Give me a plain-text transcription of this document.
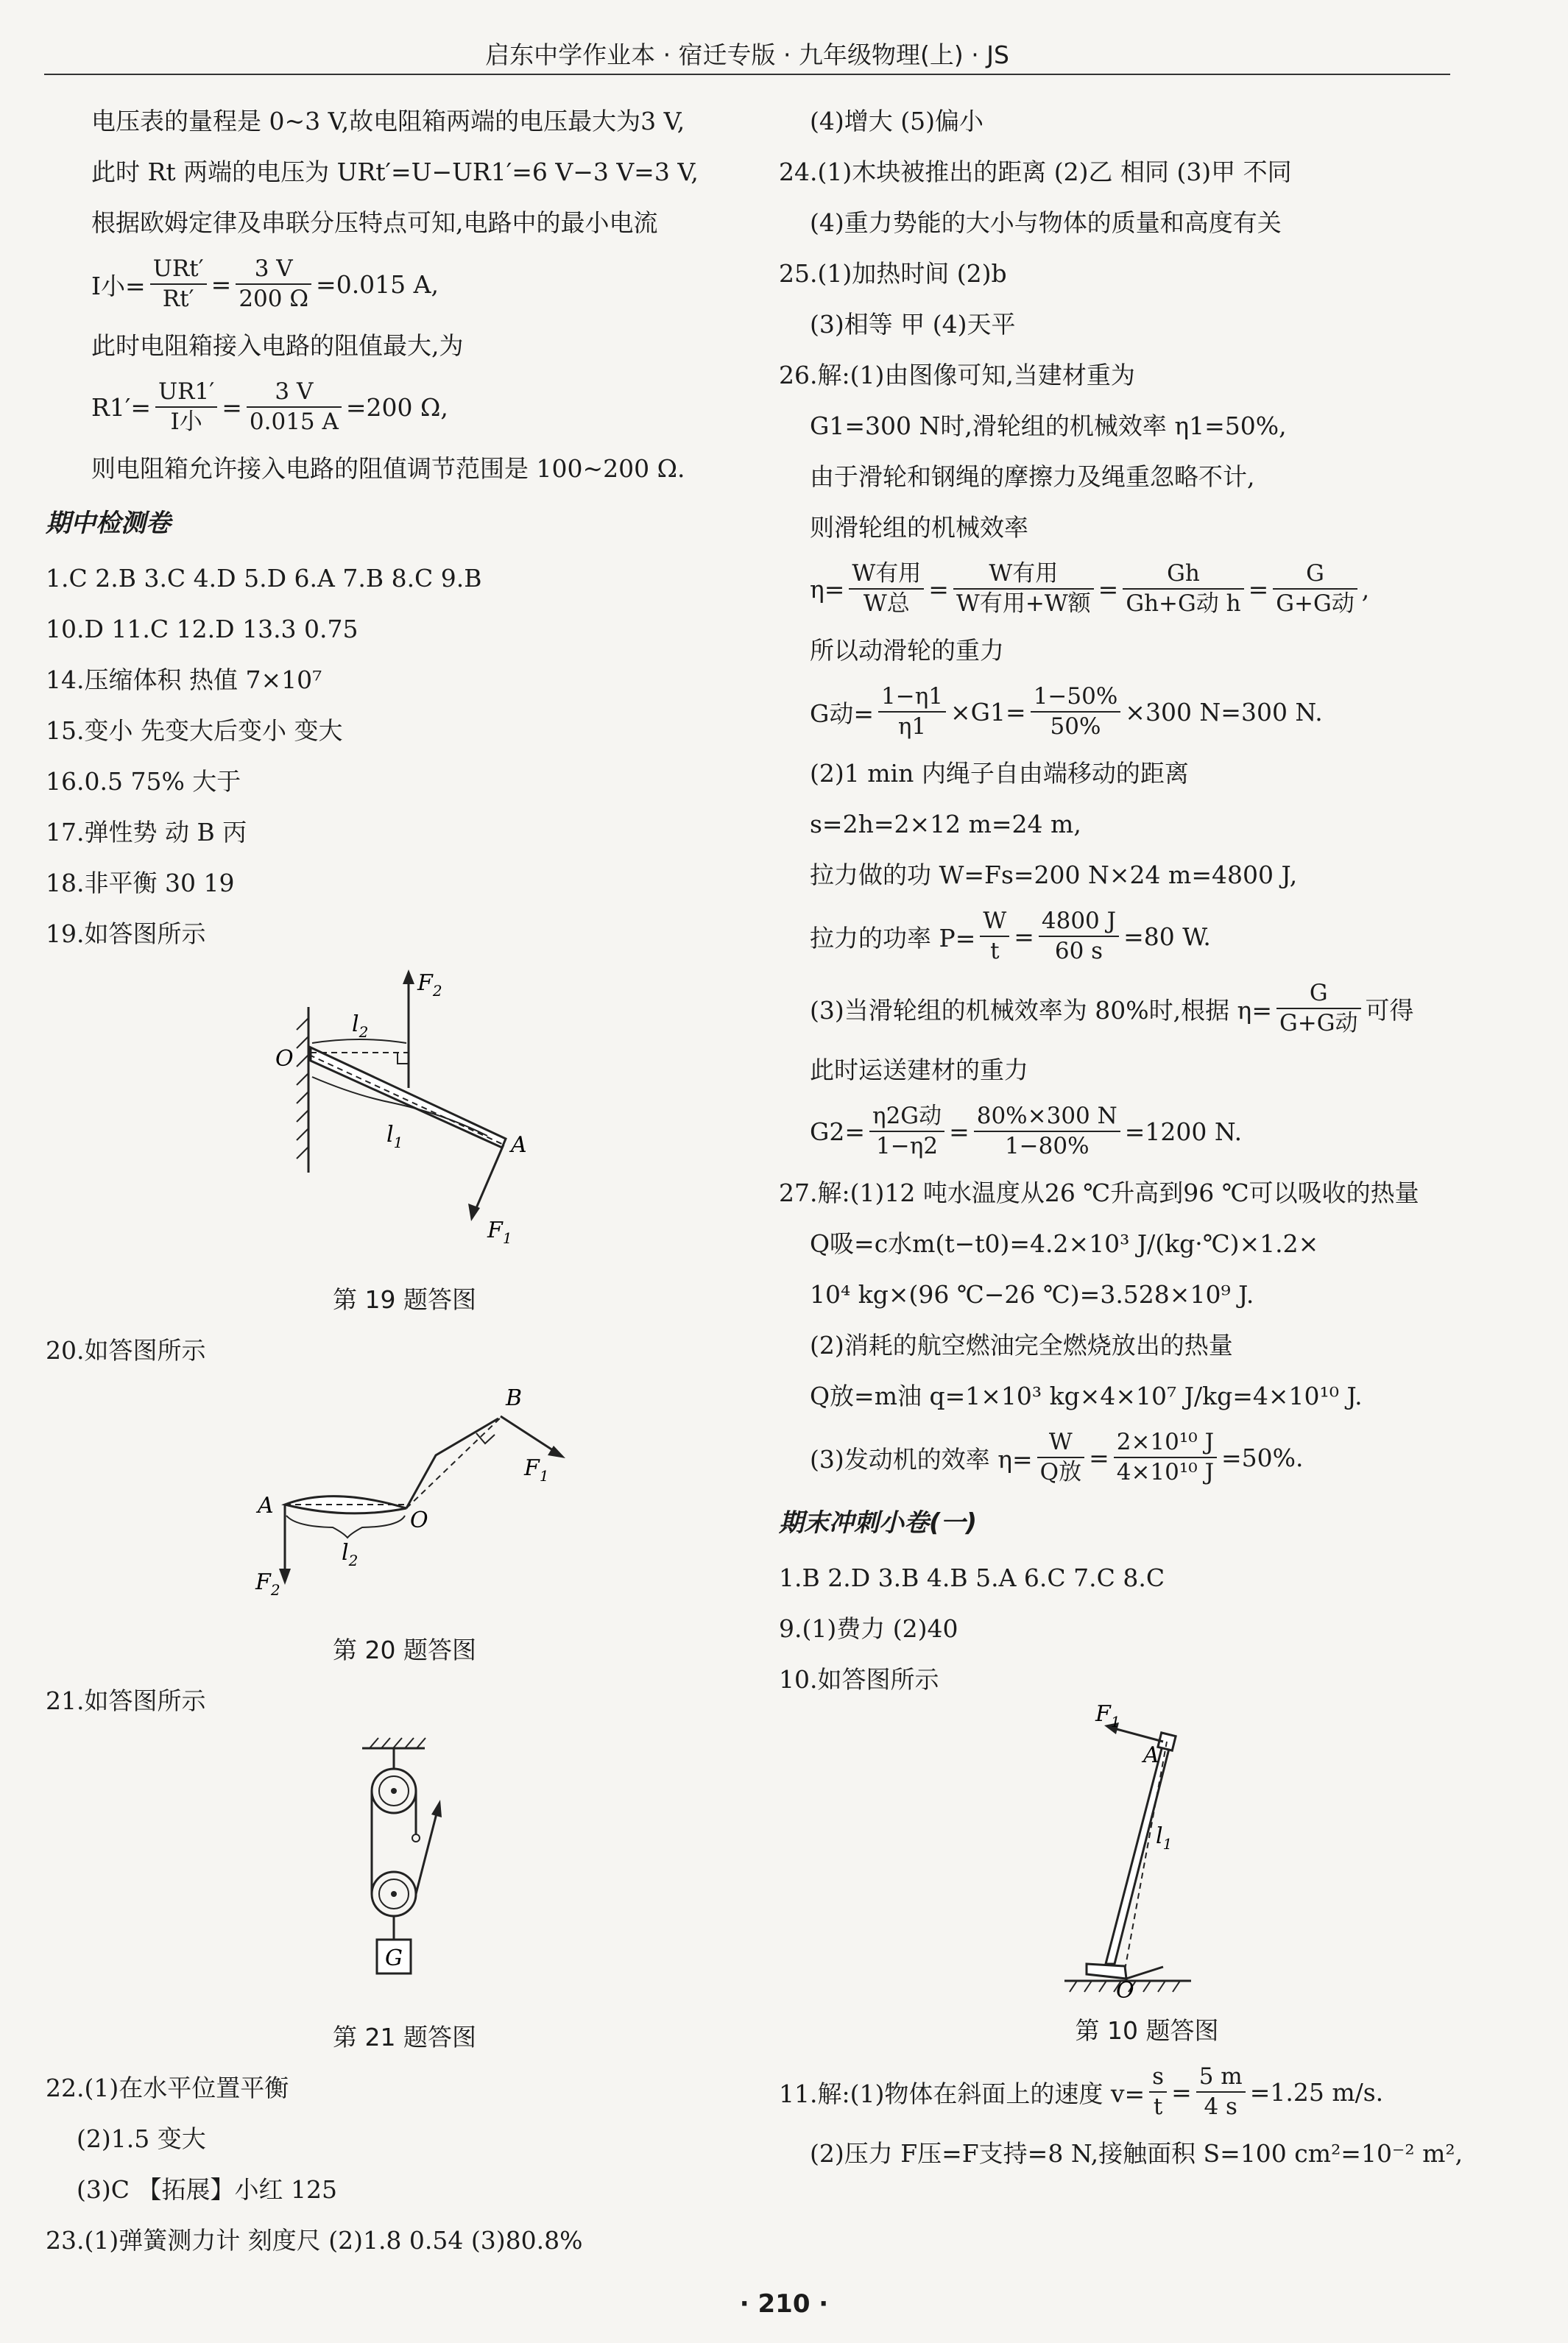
启东中学作业本 · 宿迁专版 · 九年级物理(上) · JS
电压表的量程是 0~3 V,故电阻箱两端的电压最大为3 V,
此时 Rt 两端的电压为 URt′=U−UR1′=6 V−3 V=3 V,
根据欧姆定律及串联分压特点可知,电路中的最小电流
I小= $\frac{\text{URt′}}{Rt'} = \frac{3 V}{200 \Omega} =0.015$ A,
此时电阻箱接入电路的阻值最大,为
$R1'= \frac{UR1'}{\text{I小}} = \frac{3 V}{0.015 A} =200$ Ω,
则电阻箱允许接入电路的阻值调节范围是 100~200 Ω.
期中检测卷
1.C 2.B 3.C 4.D 5.D 6.A 7.B 8.C 9.B
10.D 11.C 12.D 13.3 0.75
14.压缩体积 热值 7×10⁷
15.变小 先变大后变小 变大
16.0.5 75% 大于
17.弹性势 动 B 丙
18.非平衡 30 19
19.如答图所示
$F_2$
$l_2$
O
$l_1$	A
$F_1$
第 19 题答图
20.如答图所示
B
$F_1$
A
O
$l_2$
$F_2$
第 20 题答图
21.如答图所示
G
第 21 题答图
22.(1)在水平位置平衡
(2)1.5 变大
(3)C 【拓展】小红 125
23.(1)弹簧测力计 刻度尺 (2)1.8 0.54 (3)80.8%
(4)增大 (5)偏小
24.(1)木块被推出的距离 (2)乙 相同 (3)甲 不同
(4)重力势能的大小与物体的质量和高度有关
25.(1)加热时间 (2)b
(3)相等 甲 (4)天平
26.解:(1)由图像可知,当建材重为
G1=300 N时,滑轮组的机械效率 η1=50%,
由于滑轮和钢绳的摩擦力及绳重忽略不计,
则滑轮组的机械效率
$\eta= \frac{\text{W有用}}{\text{W总}} = \frac{\text{W有用}}{\text{W有用+W额}} = \frac{Gh}{\text{Gh+G动 h}} = \frac{G}{\text{G+G动}}$ ,
所以动滑轮的重力
G动= $\frac{1-\eta 1}{\eta 1} \times G1= \frac{1-50\%}{50\%} \times 300$ N=300 N.
(2)1 min 内绳子自由端移动的距离
s=2h=2×12 m=24 m,
拉力做的功 W=Fs=200 N×24 m=4800 J,
拉力的功率 $P= \frac{W}{t} = \frac{4800 J}{60 s} =80$ W.
(3)当滑轮组的机械效率为 80%时,根据 $\eta= \frac{G}{\text{G+G动}}$ 可得
此时运送建材的重力
$G2= \frac{\text{η2G动}}{1-\eta 2} = \frac{80\%\times 300 N}{1-80\%} =1200$ N.
27.解:(1)12 吨水温度从26 ℃升高到96 ℃可以吸收的热量
Q吸=c水m(t−t0)=4.2×10³ J/(kg·℃)×1.2×
10⁴ kg×(96 ℃−26 ℃)=3.528×10⁹ J.
(2)消耗的航空燃油完全燃烧放出的热量
Q放=m油 q=1×10³ kg×4×10⁷ J/kg=4×10¹⁰ J.
(3)发动机的效率 $\eta= \frac{W}{\text{Q放}} = \frac{\text{2×10¹⁰ J}}{\text{4×10¹⁰ J}} =50\%$.
期末冲刺小卷(一)
1.B 2.D 3.B 4.B 5.A 6.C 7.C 8.C
9.(1)费力 (2)40
10.如答图所示
$F_1$
A
$l_1$
O
第 10 题答图
11.解:(1)物体在斜面上的速度 $v= \frac{s}{t} = \frac{5 m}{4 s} =1.25$ m/s.
(2)压力 F压=F支持=8 N,接触面积 S=100 cm²=10⁻² m²,
· 210 ·
